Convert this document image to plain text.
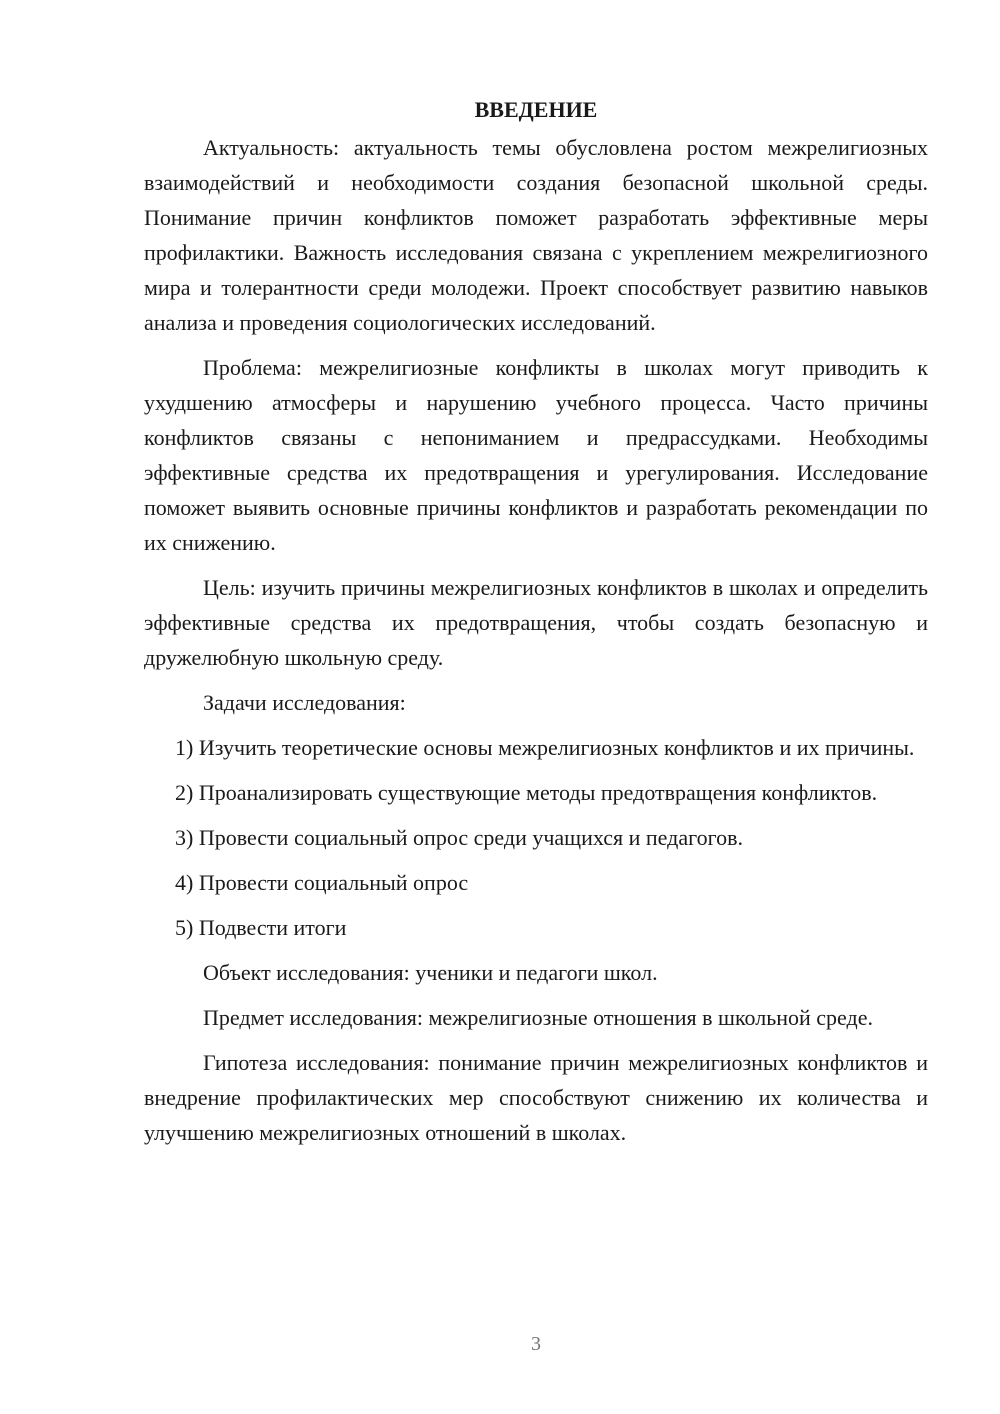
ВВЕДЕНИЕ

Актуальность: актуальность темы обусловлена ростом межрелигиозных взаимодействий и необходимости создания безопасной школьной среды. Понимание причин конфликтов поможет разработать эффективные меры профилактики. Важность исследования связана с укреплением межрелигиозного мира и толерантности среди молодежи. Проект способствует развитию навыков анализа и проведения социологических исследований.

Проблема: межрелигиозные конфликты в школах могут приводить к ухудшению атмосферы и нарушению учебного процесса. Часто причины конфликтов связаны с непониманием и предрассудками. Необходимы эффективные средства их предотвращения и урегулирования. Исследование поможет выявить основные причины конфликтов и разработать рекомендации по их снижению.

Цель: изучить причины межрелигиозных конфликтов в школах и определить эффективные средства их предотвращения, чтобы создать безопасную и дружелюбную школьную среду.

Задачи исследования:

1) Изучить теоретические основы межрелигиозных конфликтов и их причины.

2) Проанализировать существующие методы предотвращения конфликтов.

3) Провести социальный опрос среди учащихся и педагогов.

4) Провести социальный опрос

5) Подвести итоги

Объект исследования: ученики и педагоги школ.

Предмет исследования: межрелигиозные отношения в школьной среде.

Гипотеза исследования: понимание причин межрелигиозных конфликтов и внедрение профилактических мер способствуют снижению их количества и улучшению межрелигиозных отношений в школах.

3
